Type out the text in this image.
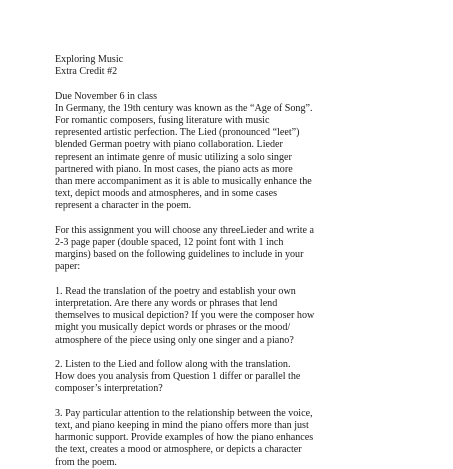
Exploring Music
Extra Credit #2
Due November 6 in class
In Germany, the 19th century was known as the “Age of Song”.
For romantic composers, fusing literature with music
represented artistic perfection. The Lied (pronounced “leet”)
blended German poetry with piano collaboration. Lieder
represent an intimate genre of music utilizing a solo singer
partnered with piano. In most cases, the piano acts as more
than mere accompaniment as it is able to musically enhance the
text, depict moods and atmospheres, and in some cases
represent a character in the poem.
For this assignment you will choose any threeLieder and write a
2-3 page paper (double spaced, 12 point font with 1 inch
margins) based on the following guidelines to include in your
paper:
1. Read the translation of the poetry and establish your own
interpretation. Are there any words or phrases that lend
themselves to musical depiction? If you were the composer how
might you musically depict words or phrases or the mood/
atmosphere of the piece using only one singer and a piano?
2. Listen to the Lied and follow along with the translation.
How does you analysis from Question 1 differ or parallel the
composer’s interpretation?
3. Pay particular attention to the relationship between the voice,
text, and piano keeping in mind the piano offers more than just
harmonic support. Provide examples of how the piano enhances
the text, creates a mood or atmosphere, or depicts a character
from the poem.
